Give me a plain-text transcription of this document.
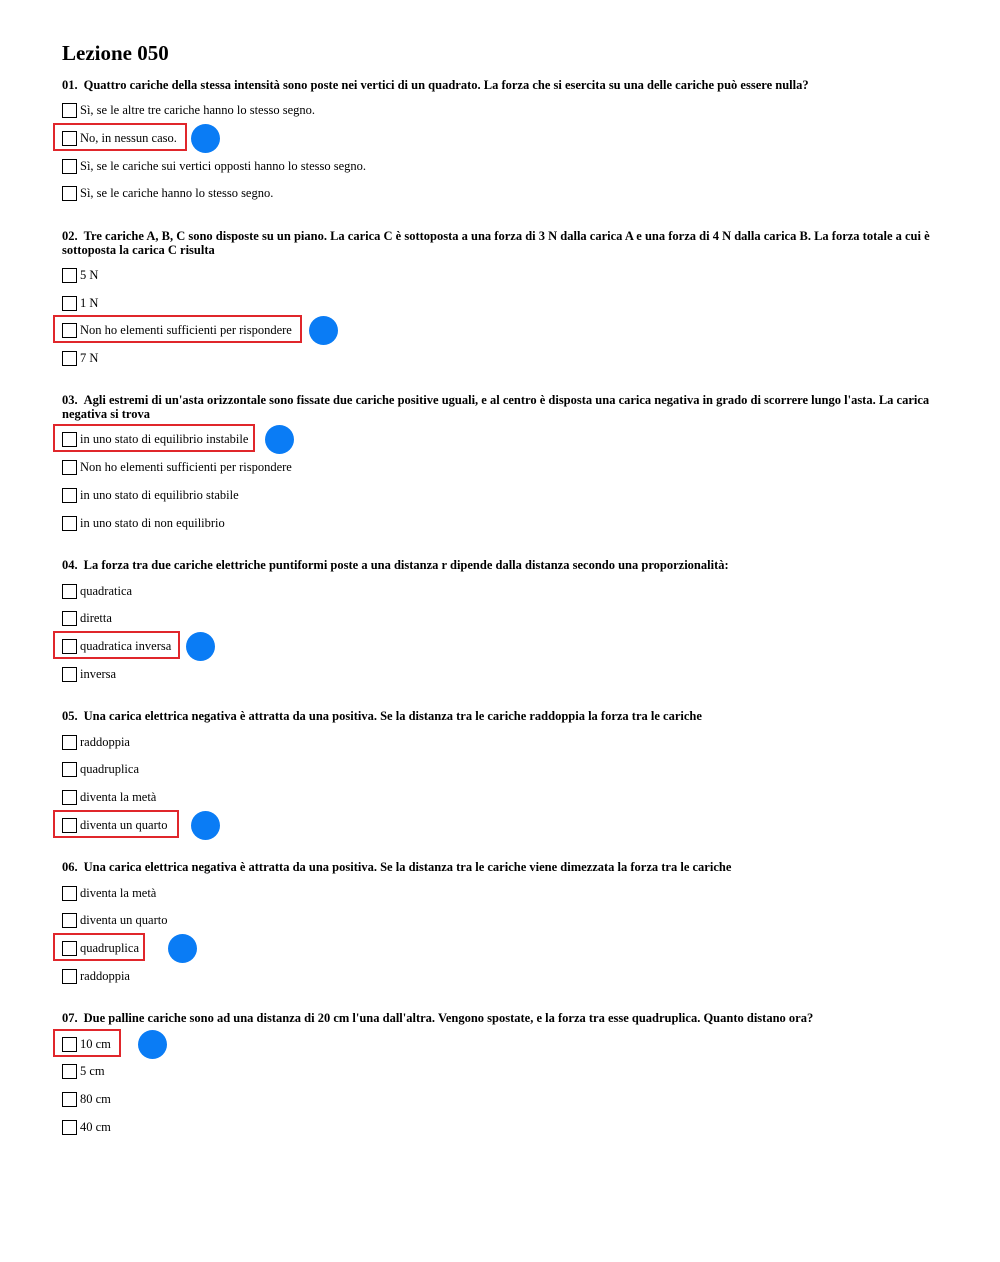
Lezione 050
01. Quattro cariche della stessa intensità sono poste nei vertici di un quadrato. La forza che si esercita su una delle cariche può essere nulla?
Sì, se le altre tre cariche hanno lo stesso segno.
No, in nessun caso.
Sì, se le cariche sui vertici opposti hanno lo stesso segno.
Sì, se le cariche hanno lo stesso segno.
02. Tre cariche A, B, C sono disposte su un piano. La carica C è sottoposta a una forza di 3 N dalla carica A e una forza di 4 N dalla carica B. La forza totale a cui è sottoposta la carica C risulta
5 N
1 N
Non ho elementi sufficienti per rispondere
7 N
03. Agli estremi di un'asta orizzontale sono fissate due cariche positive uguali, e al centro è disposta una carica negativa in grado di scorrere lungo l'asta. La carica negativa si trova
in uno stato di equilibrio instabile
Non ho elementi sufficienti per rispondere
in uno stato di equilibrio stabile
in uno stato di non equilibrio
04. La forza tra due cariche elettriche puntiformi poste a una distanza r dipende dalla distanza secondo una proporzionalità:
quadratica
diretta
quadratica inversa
inversa
05. Una carica elettrica negativa è attratta da una positiva. Se la distanza tra le cariche raddoppia la forza tra le cariche
raddoppia
quadruplica
diventa la metà
diventa un quarto
06. Una carica elettrica negativa è attratta da una positiva. Se la distanza tra le cariche viene dimezzata la forza tra le cariche
diventa la metà
diventa un quarto
quadruplica
raddoppia
07. Due palline cariche sono ad una distanza di 20 cm l'una dall'altra. Vengono spostate, e la forza tra esse quadruplica. Quanto distano ora?
10 cm
5 cm
80 cm
40 cm
